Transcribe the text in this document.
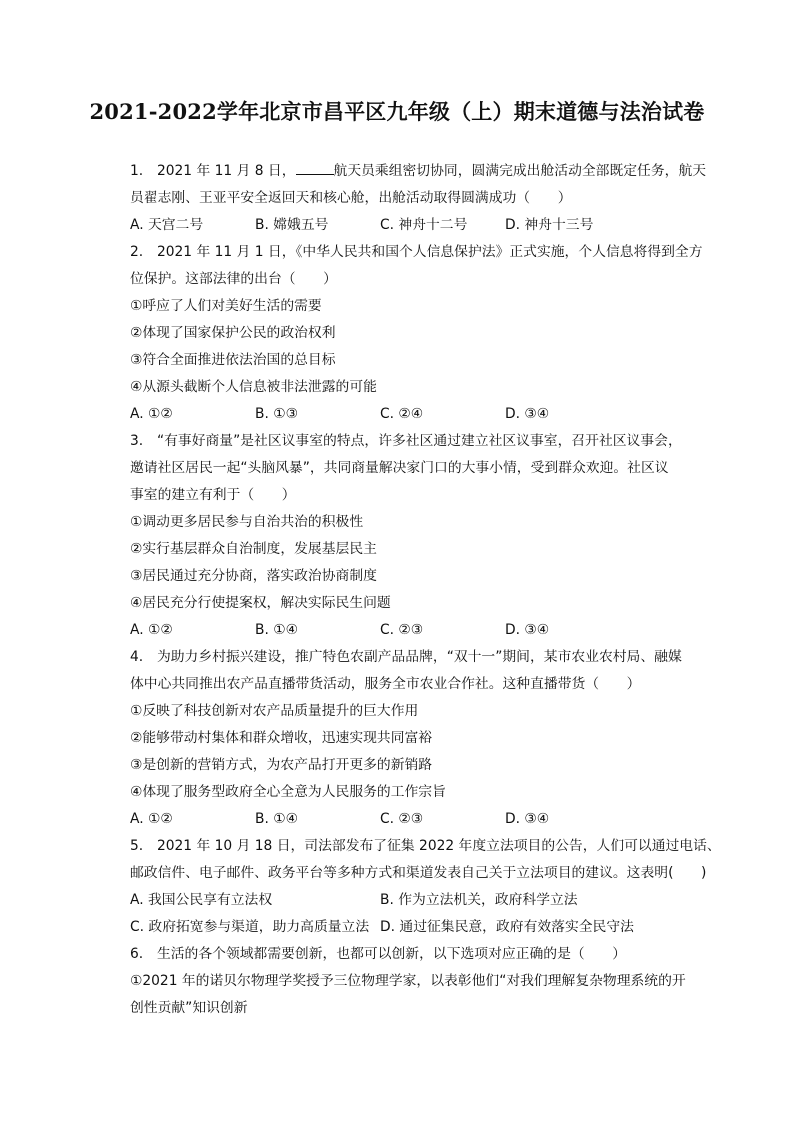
2021-2022学年北京市昌平区九年级（上）期末道德与法治试卷
1.　2021 年 11 月 8 日，	航天员乘组密切协同，圆满完成出舱活动全部既定任务，航天
员翟志刚、王亚平安全返回天和核心舱，出舱活动取得圆满成功（　　）
A. 天宫二号	B. 嫦娥五号	C. 神舟十二号	D. 神舟十三号
2.　2021 年 11 月 1 日，《中华人民共和国个人信息保护法》正式实施，个人信息将得到全方
位保护。这部法律的出台（　　）
①呼应了人们对美好生活的需要
②体现了国家保护公民的政治权利
③符合全面推进依法治国的总目标
④从源头截断个人信息被非法泄露的可能
A. ①②	B. ①③	C. ②④	D. ③④
3.　“有事好商量”是社区议事室的特点，许多社区通过建立社区议事室，召开社区议事会，
邀请社区居民一起“头脑风暴”，共同商量解决家门口的大事小情，受到群众欢迎。社区议
事室的建立有利于（　　）
①调动更多居民参与自治共治的积极性
②实行基层群众自治制度，发展基层民主
③居民通过充分协商，落实政治协商制度
④居民充分行使提案权，解决实际民生问题
A. ①②	B. ①④	C. ②③	D. ③④
4.　为助力乡村振兴建设，推广特色农副产品品牌，“双十一”期间，某市农业农村局、融媒
体中心共同推出农产品直播带货活动，服务全市农业合作社。这种直播带货（　　）
①反映了科技创新对农产品质量提升的巨大作用
②能够带动村集体和群众增收，迅速实现共同富裕
③是创新的营销方式，为农产品打开更多的新销路
④体现了服务型政府全心全意为人民服务的工作宗旨
A. ①②	B. ①④	C. ②③	D. ③④
5.　2021 年 10 月 18 日，司法部发布了征集 2022 年度立法项目的公告，人们可以通过电话、
邮政信件、电子邮件、政务平台等多种方式和渠道发表自己关于立法项目的建议。这表明(　　)
A. 我国公民享有立法权	B. 作为立法机关，政府科学立法
C. 政府拓宽参与渠道，助力高质量立法 D. 通过征集民意，政府有效落实全民守法
6.　生活的各个领域都需要创新，也都可以创新，以下选项对应正确的是（　　）
①2021 年的诺贝尔物理学奖授予三位物理学家，以表彰他们“对我们理解复杂物理系统的开
创性贡献”知识创新
